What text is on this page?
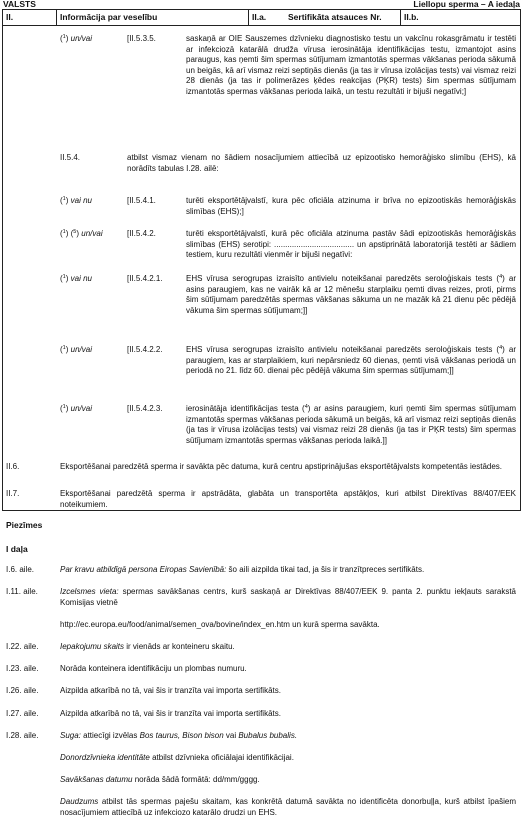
VALSTS	Liellopu sperma – A iedaļa
II.	Informācija par veselību	II.a.	Sertifikāta atsauces Nr.	II.b.
($^1$) un/vai	[II.5.3.5.	saskaņā ar OIE Sauszemes dzīvnieku diagnostisko testu un vakcīnu rokasgrāmatu ir testēti ar infekciozā katarālā drudža vīrusa ierosinātāja identifikācijas testu, izmantojot asins paraugus, kas ņemti šim spermas sūtījumam izmantotās spermas vākšanas perioda sākumā un beigās, kā arī vismaz reizi septiņās dienās (ja tas ir vīrusa izolācijas tests) vai vismaz reizi 28 dienās (ja tas ir polimerāzes ķēdes reakcijas (PĶR) tests) šim spermas sūtījumam izmantotās spermas vākšanas perioda laikā, un testu rezultāti ir bijuši negatīvi;]
II.5.4.	atbilst vismaz vienam no šādiem nosacījumiem attiecībā uz epizootisko hemorāģisko slimību (EHS), kā norādīts tabulas I.28. ailē:
($^1$) vai nu	[II.5.4.1.	turēti eksportētājvalstī, kura pēc oficiāla atzinuma ir brīva no epizootiskās hemorāģiskās slimības (EHS);]
($^1$) ($^5$) un/vai	[II.5.4.2.	turēti eksportētājvalstī, kurā pēc oficiāla atzinuma pastāv šādi epizootiskās hemorāģiskās slimības (EHS) serotipi: .................................... un apstiprinātā laboratorijā testēti ar šādiem testiem, kuru rezultāti vienmēr ir bijuši negatīvi:
($^1$) vai nu	[II.5.4.2.1.	EHS vīrusa serogrupas izraisīto antivielu noteikšanai paredzēts seroloģiskais tests ($^4$) ar asins paraugiem, kas ne vairāk kā ar 12 mēnešu starplaiku ņemti divas reizes, proti, pirms šim sūtījumam paredzētās spermas vākšanas sākuma un ne mazāk kā 21 dienu pēc pēdējā vākuma šim spermas sūtījumam;]]
($^1$) un/vai	[II.5.4.2.2.	EHS vīrusa serogrupas izraisīto antivielu noteikšanai paredzēts seroloģiskais tests ($^4$) ar paraugiem, kas ar starplaikiem, kuri nepārsniedz 60 dienas, ņemti visā vākšanas periodā un periodā no 21. līdz 60. dienai pēc pēdējā vākuma šim spermas sūtījumam;]]
($^1$) un/vai	[II.5.4.2.3.	ierosinātāja identifikācijas testa ($^4$) ar asins paraugiem, kuri ņemti šim spermas sūtījumam izmantotās spermas vākšanas perioda sākumā un beigās, kā arī vismaz reizi septiņās dienās (ja tas ir vīrusa izolācijas tests) vai vismaz reizi 28 dienās (ja tas ir PĶR tests) šim spermas sūtījumam izmantotās spermas vākšanas perioda laikā.]]
II.6.	Eksportēšanai paredzētā sperma ir savākta pēc datuma, kurā centru apstiprinājušas eksportētājvalsts kompetentās iestādes.
II.7.	Eksportēšanai paredzētā sperma ir apstrādāta, glabāta un transportēta apstākļos, kuri atbilst Direktīvas 88/407/EEK noteikumiem.
Piezīmes
I daļa
I.6. aile.	Par kravu atbildīgā persona Eiropas Savienībā: šo aili aizpilda tikai tad, ja šis ir tranzītpreces sertifikāts.
I.11. aile.	Izcelsmes vieta: spermas savākšanas centrs, kurš saskaņā ar Direktīvas 88/407/EEK 9. panta 2. punktu iekļauts sarakstā Komisijas vietnē
http://ec.europa.eu/food/animal/semen_ova/bovine/index_en.htm un kurā sperma savākta.
I.22. aile.	Iepakojumu skaits ir vienāds ar konteineru skaitu.
I.23. aile.	Norāda konteinera identifikāciju un plombas numuru.
I.26. aile.	Aizpilda atkarībā no tā, vai šis ir tranzīta vai importa sertifikāts.
I.27. aile.	Aizpilda atkarībā no tā, vai šis ir tranzīta vai importa sertifikāts.
I.28. aile.	Suga: attiecīgi izvēlas Bos taurus, Bison bison vai Bubalus bubalis.
Donordzīvnieka identitāte atbilst dzīvnieka oficiālajai identifikācijai.
Savākšanas datumu norāda šādā formātā: dd/mm/gggg.
Daudzums atbilst tās spermas paješu skaitam, kas konkrētā datumā savākta no identificēta donorbuļļa, kurš atbilst īpašiem nosacījumiem attiecībā uz infekciozo katarālo drudzi un EHS.
